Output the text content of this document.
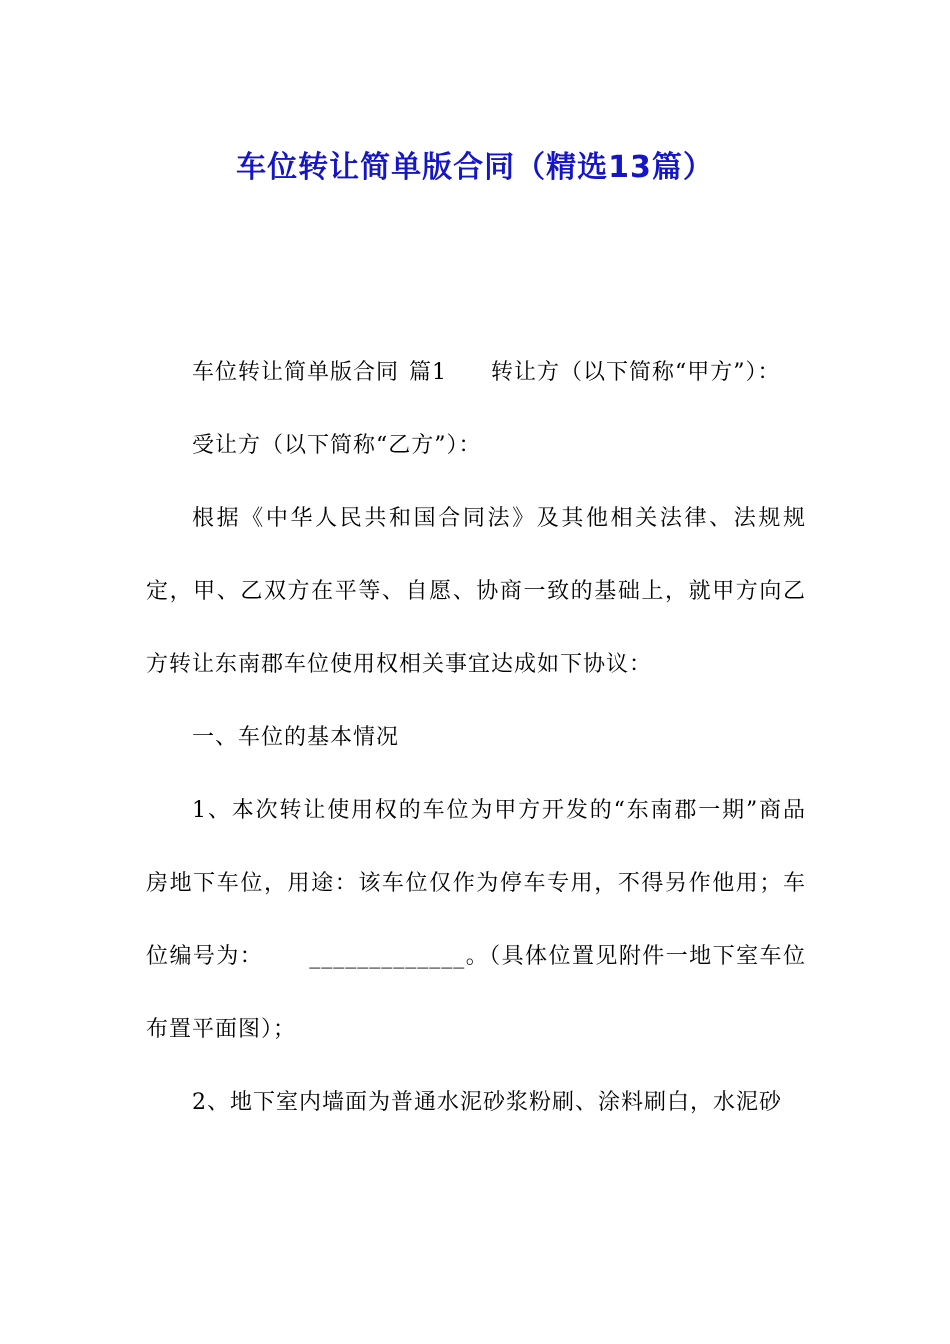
车位转让简单版合同（精选13篇）

车位转让简单版合同 篇1 转让方（以下简称“甲方”）：

受让方（以下简称“乙方”）：

根据《中华人民共和国合同法》及其他相关法律、法规规定，甲、乙双方在平等、自愿、协商一致的基础上，就甲方向乙方转让东南郡车位使用权相关事宜达成如下协议：

一、车位的基本情况

1、本次转让使用权的车位为甲方开发的“东南郡一期”商品房地下车位，用途：该车位仅作为停车专用，不得另作他用；车位编号为： _____________。（具体位置见附件一地下室车位布置平面图）；

2、地下室内墙面为普通水泥砂浆粉刷、涂料刷白，水泥砂
